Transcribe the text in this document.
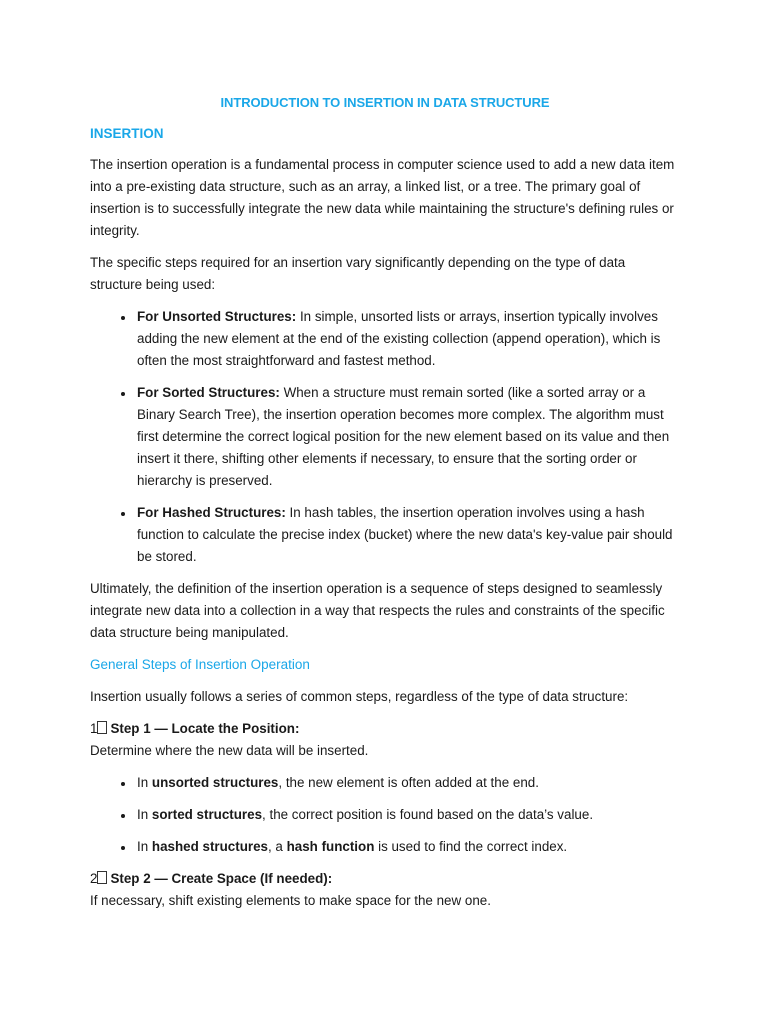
INTRODUCTION TO INSERTION IN DATA STRUCTURE
INSERTION

The insertion operation is a fundamental process in computer science used to add a new data item into a pre-existing data structure, such as an array, a linked list, or a tree. The primary goal of insertion is to successfully integrate the new data while maintaining the structure's defining rules or integrity.

The specific steps required for an insertion vary significantly depending on the type of data structure being used:

• For Unsorted Structures: In simple, unsorted lists or arrays, insertion typically involves adding the new element at the end of the existing collection (append operation), which is often the most straightforward and fastest method.
• For Sorted Structures: When a structure must remain sorted (like a sorted array or a Binary Search Tree), the insertion operation becomes more complex. The algorithm must first determine the correct logical position for the new element based on its value and then insert it there, shifting other elements if necessary, to ensure that the sorting order or hierarchy is preserved.
• For Hashed Structures: In hash tables, the insertion operation involves using a hash function to calculate the precise index (bucket) where the new data's key-value pair should be stored.

Ultimately, the definition of the insertion operation is a sequence of steps designed to seamlessly integrate new data into a collection in a way that respects the rules and constraints of the specific data structure being manipulated.

General Steps of Insertion Operation

Insertion usually follows a series of common steps, regardless of the type of data structure:

1 Step 1 — Locate the Position:
Determine where the new data will be inserted.
• In unsorted structures, the new element is often added at the end.
• In sorted structures, the correct position is found based on the data’s value.
• In hashed structures, a hash function is used to find the correct index.
2 Step 2 — Create Space (If needed):
If necessary, shift existing elements to make space for the new one.
